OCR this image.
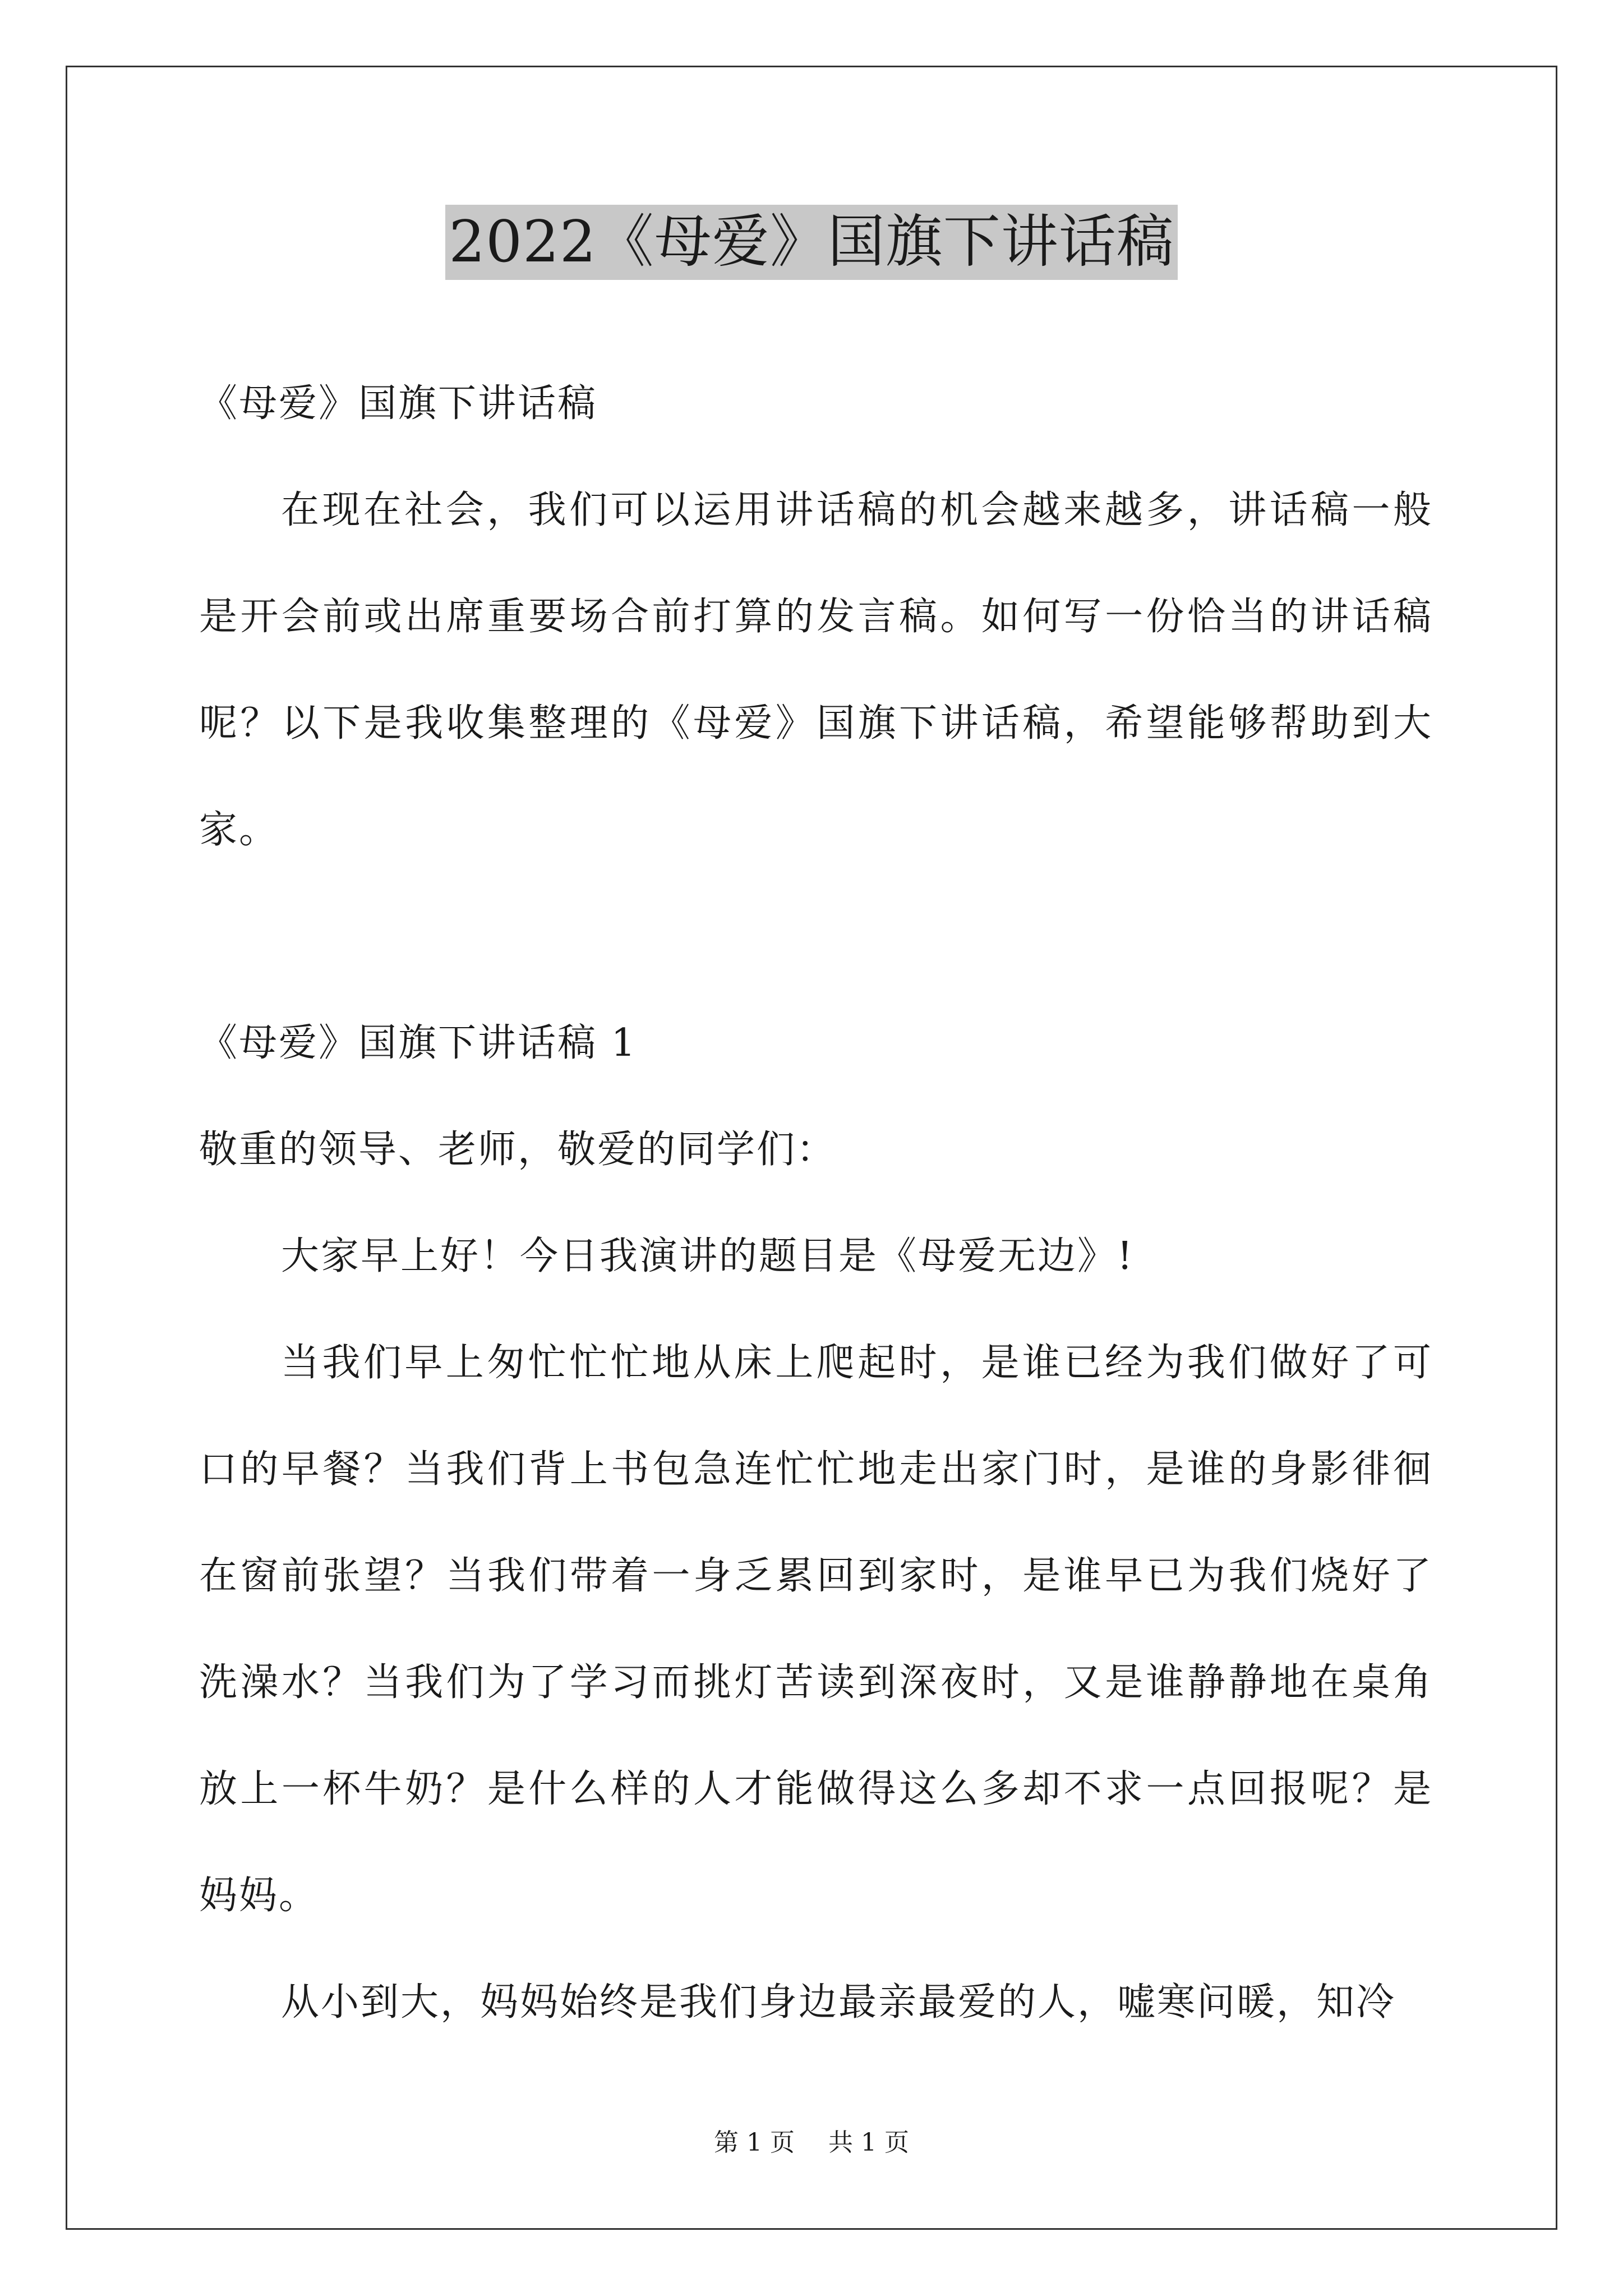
2022《母爱》国旗下讲话稿

《母爱》国旗下讲话稿

在现在社会，我们可以运用讲话稿的机会越来越多，讲话稿一般是开会前或出席重要场合前打算的发言稿。如何写一份恰当的讲话稿呢？以下是我收集整理的《母爱》国旗下讲话稿，希望能够帮助到大家。

《母爱》国旗下讲话稿 1

敬重的领导、老师，敬爱的同学们：

大家早上好！今日我演讲的题目是《母爱无边》!

当我们早上匆忙忙忙地从床上爬起时，是谁已经为我们做好了可口的早餐？当我们背上书包急连忙忙地走出家门时，是谁的身影徘徊在窗前张望？当我们带着一身乏累回到家时，是谁早已为我们烧好了洗澡水？当我们为了学习而挑灯苦读到深夜时，又是谁静静地在桌角放上一杯牛奶？是什么样的人才能做得这么多却不求一点回报呢？是妈妈。

从小到大，妈妈始终是我们身边最亲最爱的人，嘘寒问暖，知冷

第 1 页 共 1 页
